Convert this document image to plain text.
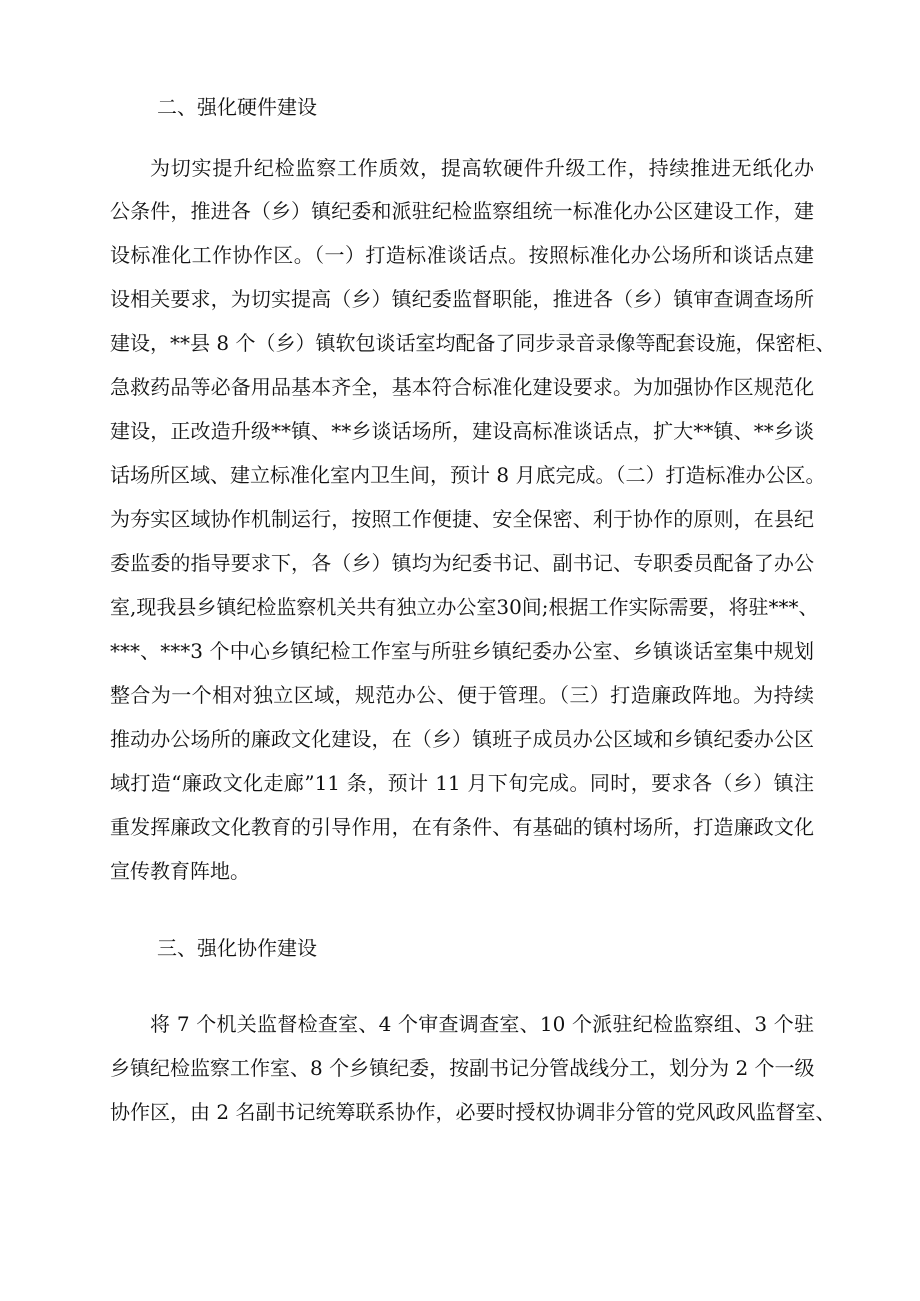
二、强化硬件建设
为切实提升纪检监察工作质效，提高软硬件升级工作，持续推进无纸化办
公条件，推进各（乡）镇纪委和派驻纪检监察组统一标准化办公区建设工作，建
设标准化工作协作区。（一）打造标准谈话点。按照标准化办公场所和谈话点建
设相关要求，为切实提高（乡）镇纪委监督职能，推进各（乡）镇审查调查场所
建设，**县 8 个（乡）镇软包谈话室均配备了同步录音录像等配套设施，保密柜、
急救药品等必备用品基本齐全，基本符合标准化建设要求。为加强协作区规范化
建设，正改造升级**镇、**乡谈话场所，建设高标准谈话点，扩大**镇、**乡谈
话场所区域、建立标准化室内卫生间，预计 8 月底完成。（二）打造标准办公区。
为夯实区域协作机制运行，按照工作便捷、安全保密、利于协作的原则，在县纪
委监委的指导要求下，各（乡）镇均为纪委书记、副书记、专职委员配备了办公
室,现我县乡镇纪检监察机关共有独立办公室30间;根据工作实际需要，将驻***、
***、***3 个中心乡镇纪检工作室与所驻乡镇纪委办公室、乡镇谈话室集中规划
整合为一个相对独立区域，规范办公、便于管理。（三）打造廉政阵地。为持续
推动办公场所的廉政文化建设，在（乡）镇班子成员办公区域和乡镇纪委办公区
域打造“廉政文化走廊”11 条，预计 11 月下旬完成。同时，要求各（乡）镇注
重发挥廉政文化教育的引导作用，在有条件、有基础的镇村场所，打造廉政文化
宣传教育阵地。
三、强化协作建设
将 7 个机关监督检查室、4 个审查调查室、10 个派驻纪检监察组、3 个驻
乡镇纪检监察工作室、8 个乡镇纪委，按副书记分管战线分工，划分为 2 个一级
协作区，由 2 名副书记统筹联系协作，必要时授权协调非分管的党风政风监督室、
